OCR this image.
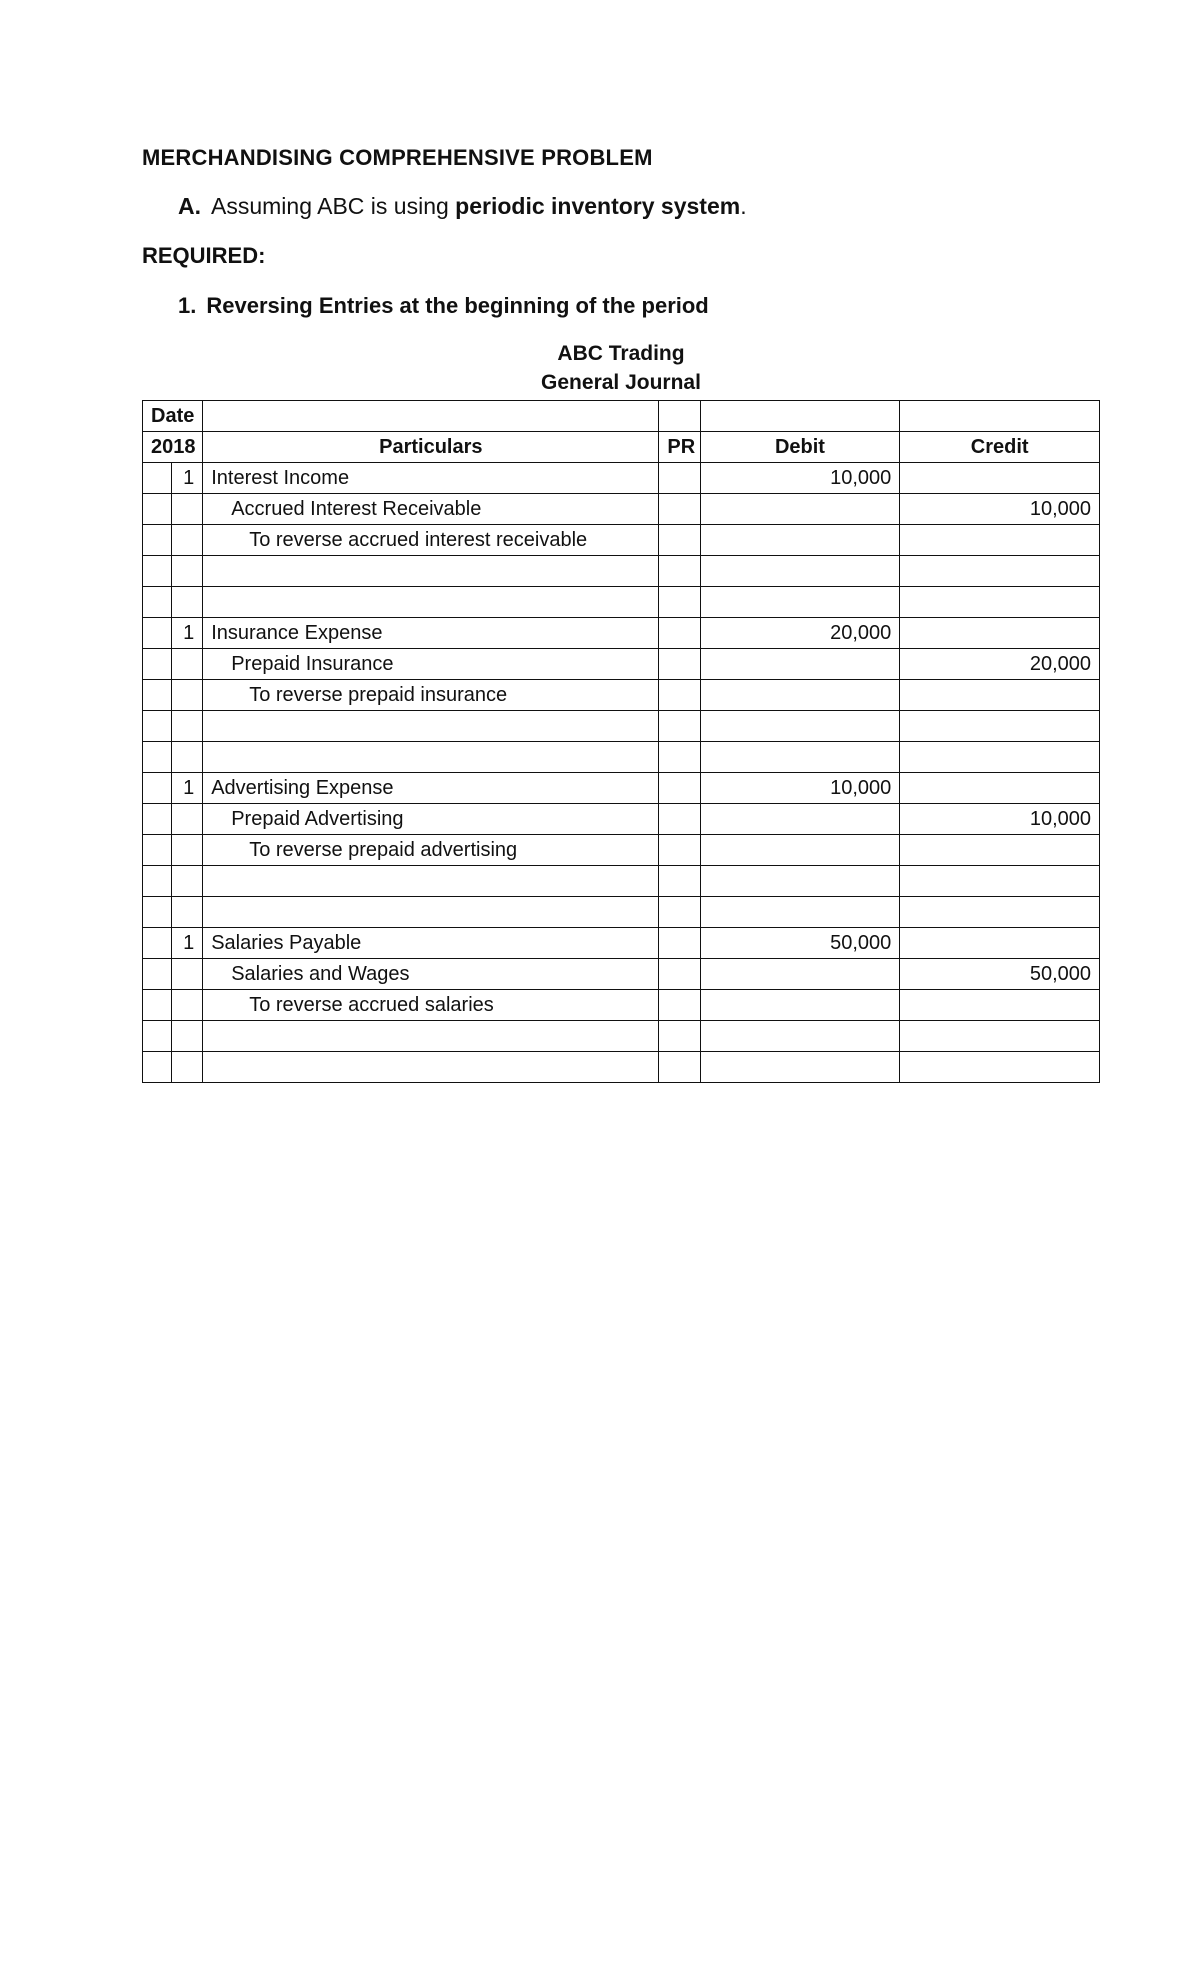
MERCHANDISING COMPREHENSIVE PROBLEM
A. Assuming ABC is using periodic inventory system.
REQUIRED:
1. Reversing Entries at the beginning of the period
ABC Trading
General Journal
Date					
2018		Particulars	PR	Debit	Credit
	1	Interest Income		10,000	
		Accrued Interest Receivable			10,000
		To reverse accrued interest receivable			

	1	Insurance Expense		20,000	
		Prepaid Insurance			20,000
		To reverse prepaid insurance			

	1	Advertising Expense		10,000	
		Prepaid Advertising			10,000
		To reverse prepaid advertising			

	1	Salaries Payable		50,000	
		Salaries and Wages			50,000
		To reverse accrued salaries			
